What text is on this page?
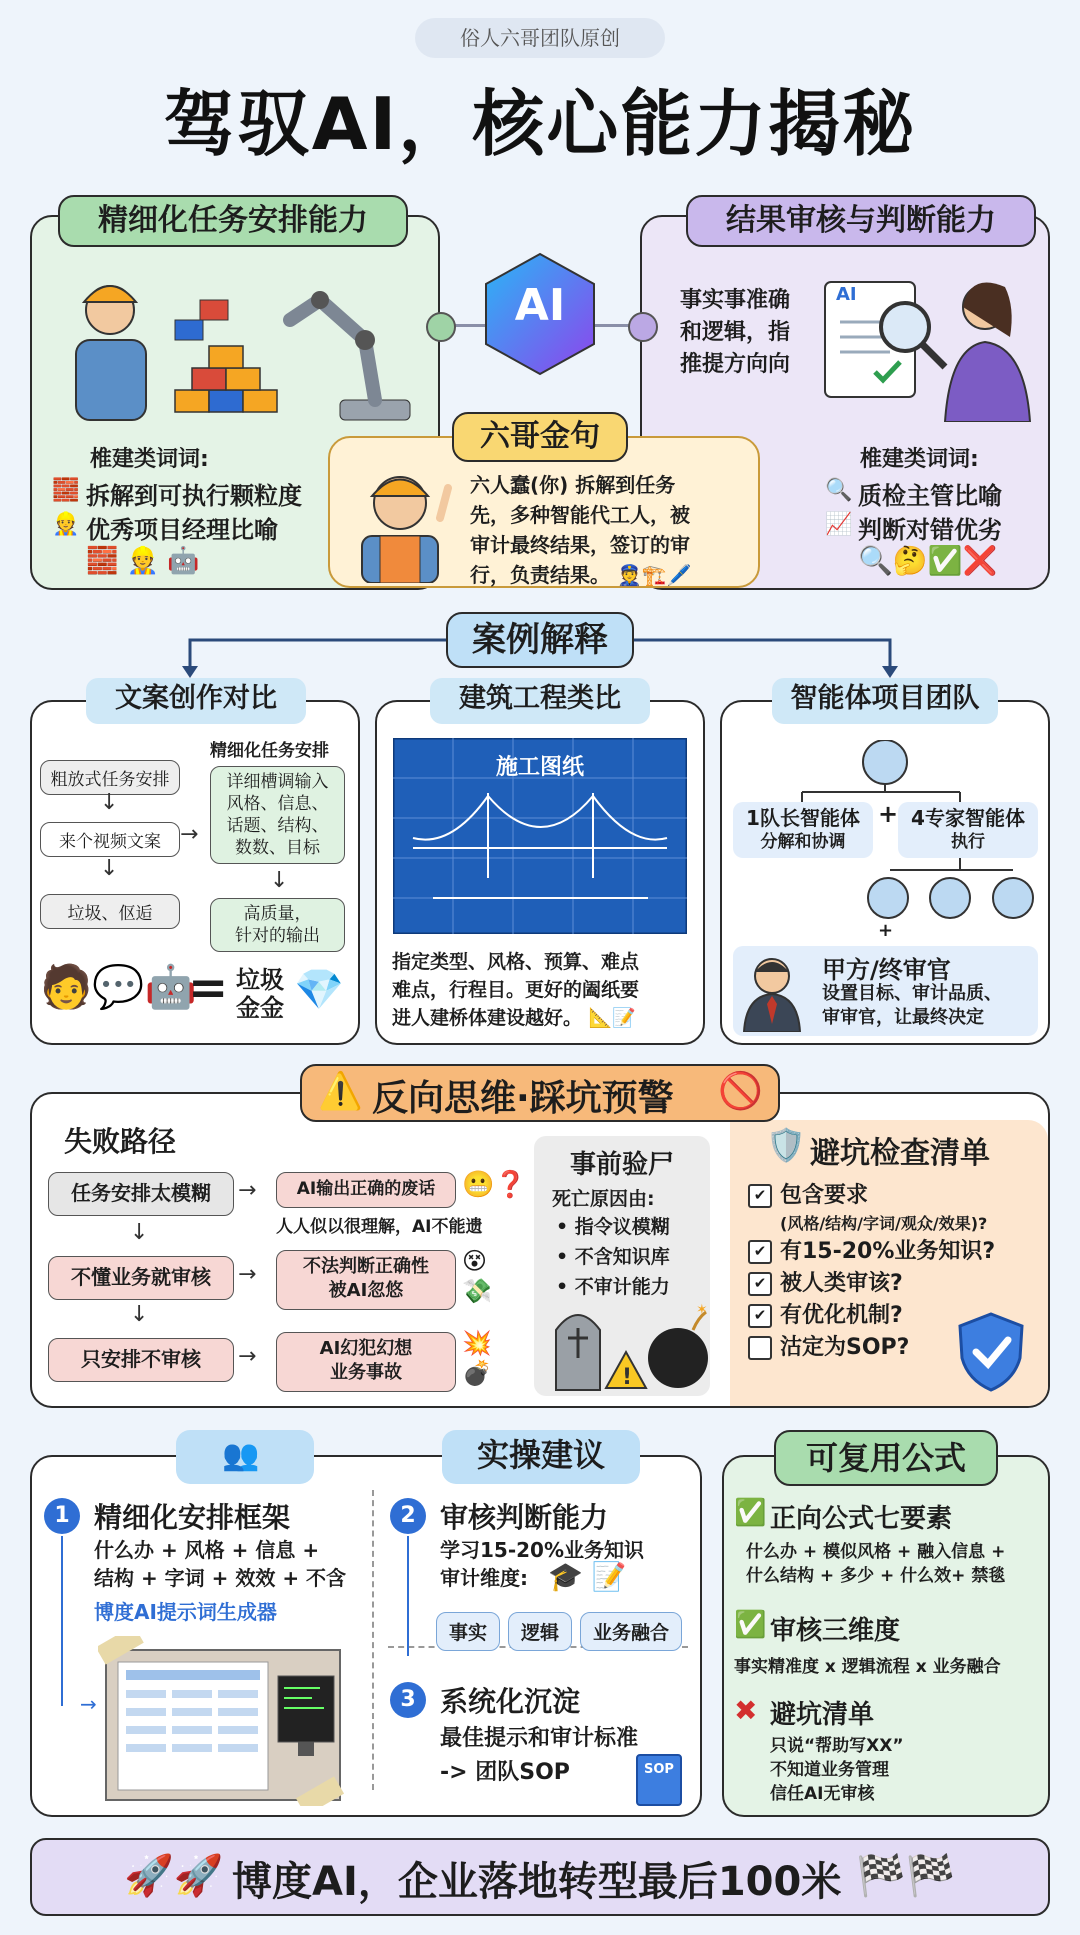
俗人六哥团队原创
驾驭AI，核心能力揭秘
精细化任务安排能力
椎建类词词:
🧱 拆解到可执行颗粒度
👷 优秀项目经理比喻
🧱 👷 🤖
结果审核与判断能力
事实事准确
和逻辑，指
推提方向向
AI
椎建类词词:
🔍 质检主管比喻
📈 判断对错优劣
🔍🤔✅❌
AI
六哥金句
六人蠢(你) 拆解到任务
先，多种智能代工人，被
审计最终结果，签订的审
行，负责结果。 👮🏗️🖊️
案例解释
文案创作对比
精细化任务安排
粗放式任务安排
↓
来个视频文案 →
↓
垃圾、伛逅
详细槽调输入
风格、信息、
话题、结构、
数数、目标
↓
高质量，
针对的输出
🧑‍💬🤖
= 垃圾
金金 💎
建筑工程类比
施工图纸
指定类型、风格、预算、难点
难点，行程目。更好的阖纸要
进人建桥体建设越好。 📐📝
智能体项目团队
1队长智能体
分解和协调
+ 4专家智能体
执行
+
甲方/终审官
设置目标、审计品质、
审审官，让最终决定
⚠️ 反向思维·踩坑预警 🚫
失败路径
任务安排太模糊	→	AI输出正确的废话	😬❓
人人似以很理解，AI不能遗
↓
不懂业务就审核	→	不法判断正确性
被AI忽悠
😵
💸
↓
只安排不审核	→	AI幻犯幻想
业务事故
💥
💣
事前验尸
死亡原因由:
• 指令议模糊
• 不含知识库
• 不审计能力
!
✶
🛡️ 避坑检查清单
✔ 包含要求
(风格/结构/字词/观众/效果)?
✔ 有15-20%业务知识?
✔ 被人类审该?
✔ 有优化机制?
沽定为SOP?
👥	实操建议
1 精细化安排框架
什么办 + 风格 + 信息 +
结构 + 字词 + 效效 + 不含
博度AI提示词生成器
→
2 审核判断能力
学习15-20%业务知识
审计维度: 🎓 📝
事实 逻辑 业务融合
3 系统化沉淀
最佳提示和审计标准
-> 团队SOP	SOP
可复用公式
✅ 正向公式七要素
什么办 + 模似风格 + 融入信息 +
什么结构 + 多少 + 什么效+ 禁毯
✅ 审核三维度
事实精准度 x 逻辑流程 x 业务融合
✖ 避坑清单
只说“帮助写XX”
不知道业务管理
信任AI无审核
🚀🚀 博度AI，企业落地转型最后100米 🏁🏁
